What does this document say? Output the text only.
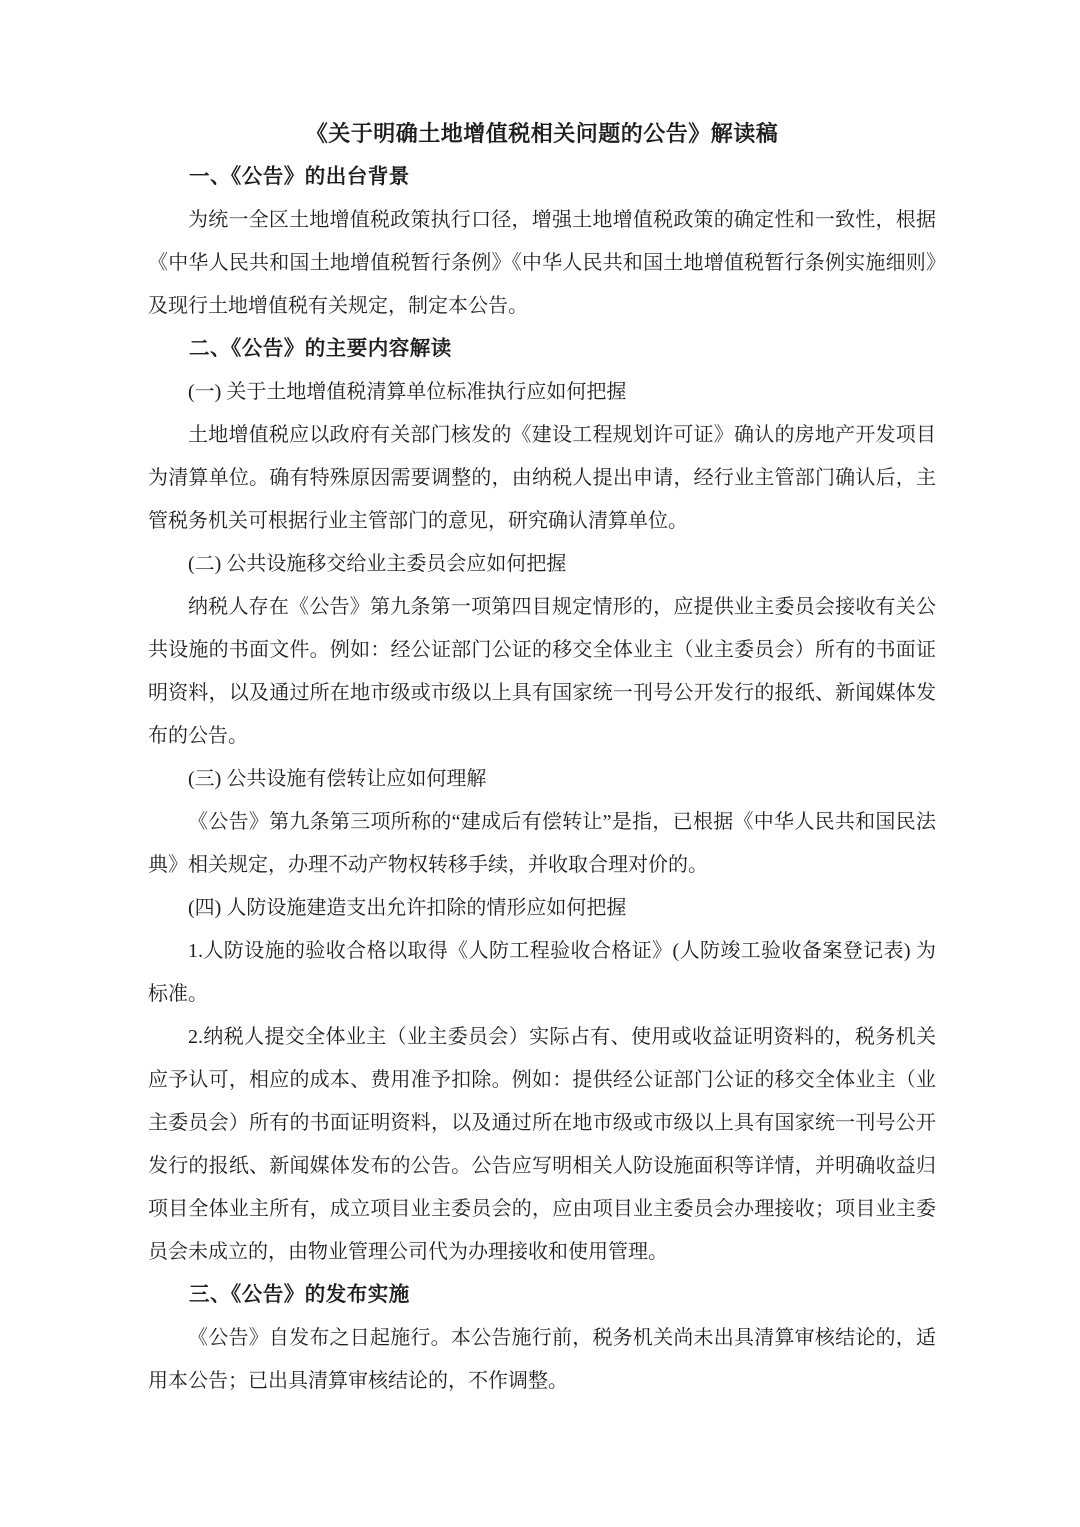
《关于明确土地增值税相关问题的公告》解读稿
一、《公告》的出台背景

为统一全区土地增值税政策执行口径，增强土地增值税政策的确定性和一致性，根据《中华人民共和国土地增值税暂行条例》《中华人民共和国土地增值税暂行条例实施细则》及现行土地增值税有关规定，制定本公告。

二、《公告》的主要内容解读
(一) 关于土地增值税清算单位标准执行应如何把握

土地增值税应以政府有关部门核发的《建设工程规划许可证》确认的房地产开发项目为清算单位。确有特殊原因需要调整的，由纳税人提出申请，经行业主管部门确认后，主管税务机关可根据行业主管部门的意见，研究确认清算单位。

(二) 公共设施移交给业主委员会应如何把握

纳税人存在《公告》第九条第一项第四目规定情形的，应提供业主委员会接收有关公共设施的书面文件。例如：经公证部门公证的移交全体业主（业主委员会）所有的书面证明资料，以及通过所在地市级或市级以上具有国家统一刊号公开发行的报纸、新闻媒体发布的公告。

(三) 公共设施有偿转让应如何理解

《公告》第九条第三项所称的“建成后有偿转让”是指，已根据《中华人民共和国民法典》相关规定，办理不动产物权转移手续，并收取合理对价的。

(四) 人防设施建造支出允许扣除的情形应如何把握

1.人防设施的验收合格以取得《人防工程验收合格证》(人防竣工验收备案登记表) 为标准。

2.纳税人提交全体业主（业主委员会）实际占有、使用或收益证明资料的，税务机关应予认可，相应的成本、费用准予扣除。例如：提供经公证部门公证的移交全体业主（业主委员会）所有的书面证明资料，以及通过所在地市级或市级以上具有国家统一刊号公开发行的报纸、新闻媒体发布的公告。公告应写明相关人防设施面积等详情，并明确收益归项目全体业主所有，成立项目业主委员会的，应由项目业主委员会办理接收；项目业主委员会未成立的，由物业管理公司代为办理接收和使用管理。

三、《公告》的发布实施

《公告》自发布之日起施行。本公告施行前，税务机关尚未出具清算审核结论的，适用本公告；已出具清算审核结论的，不作调整。
